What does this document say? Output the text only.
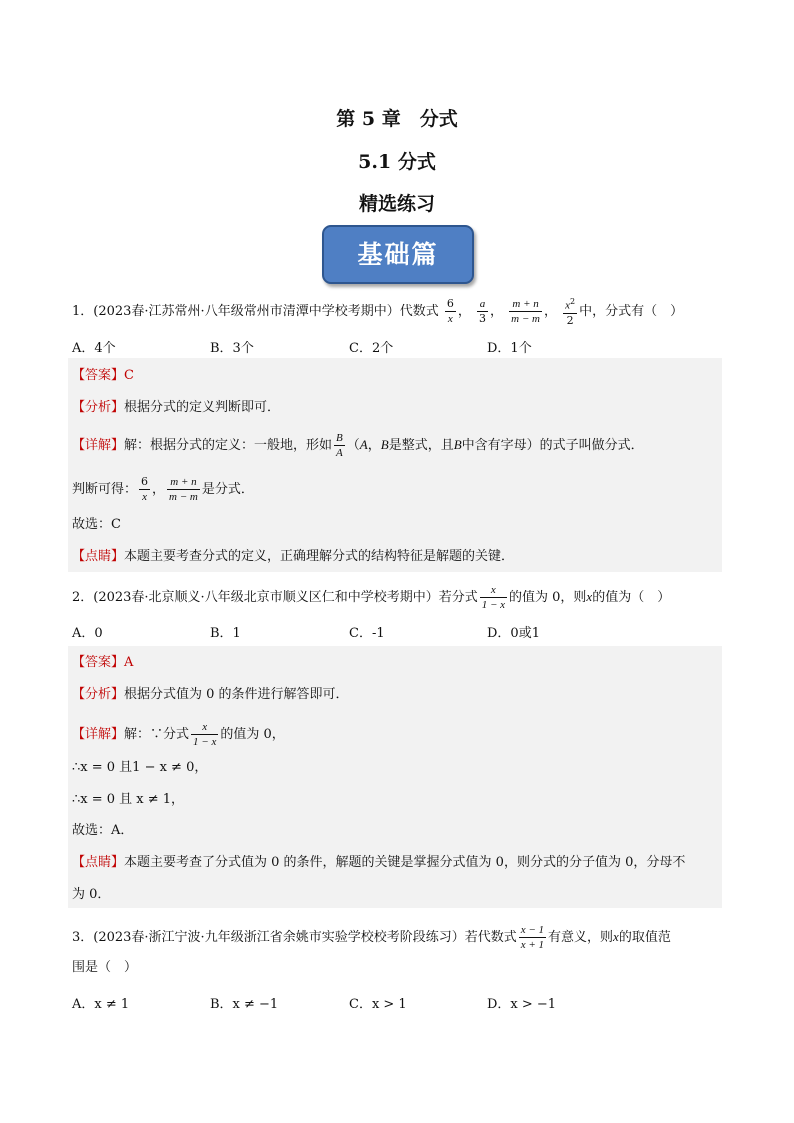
第 5 章　分式
5.1 分式
精选练习
基础篇
1．(2023春·江苏常州·八年级常州市清潭中学校考期中）代数式 $\frac{6}{x}$ ， $\frac{a}{3}$ ， $\frac{m + n}{m - m}$ ， $\frac{x^2}{2}$ 中，分式有（　）
A．4个	B．3个	C．2个	D．1个
【答案】C
【分析】根据分式的定义判断即可．
【详解】解：根据分式的定义：一般地，形如 $\frac{B}{A} (A$，B是整式，且B中含有字母）的式子叫做分式．
判断可得： $\frac{6}{x}$ ， $\frac{m + n}{m - m}$ 是分式．
故选：C
【点睛】本题主要考查分式的定义，正确理解分式的结构特征是解题的关键．
2．(2023春·北京顺义·八年级北京市顺义区仁和中学校考期中）若分式 $\frac{x}{1 - x}$ 的值为 0，则x的值为（　）
A．0	B．1	C．-1	D．0或1
【答案】A
【分析】根据分式值为 0 的条件进行解答即可．
【详解】解：∵分式 $\frac{x}{1 - x}$ 的值为 0，
∴x = 0 且1 − x ≠ 0，
∴x = 0 且 x ≠ 1，
故选：A．
【点睛】本题主要考查了分式值为 0 的条件，解题的关键是掌握分式值为 0，则分式的分子值为 0，分母不
为 0．
3．(2023春·浙江宁波·九年级浙江省余姚市实验学校校考阶段练习）若代数式 $\frac{x - 1}{x + 1}$ 有意义，则x的取值范
围是（　）
A．x ≠ 1	B．x ≠ −1	C．x > 1	D．x > −1
